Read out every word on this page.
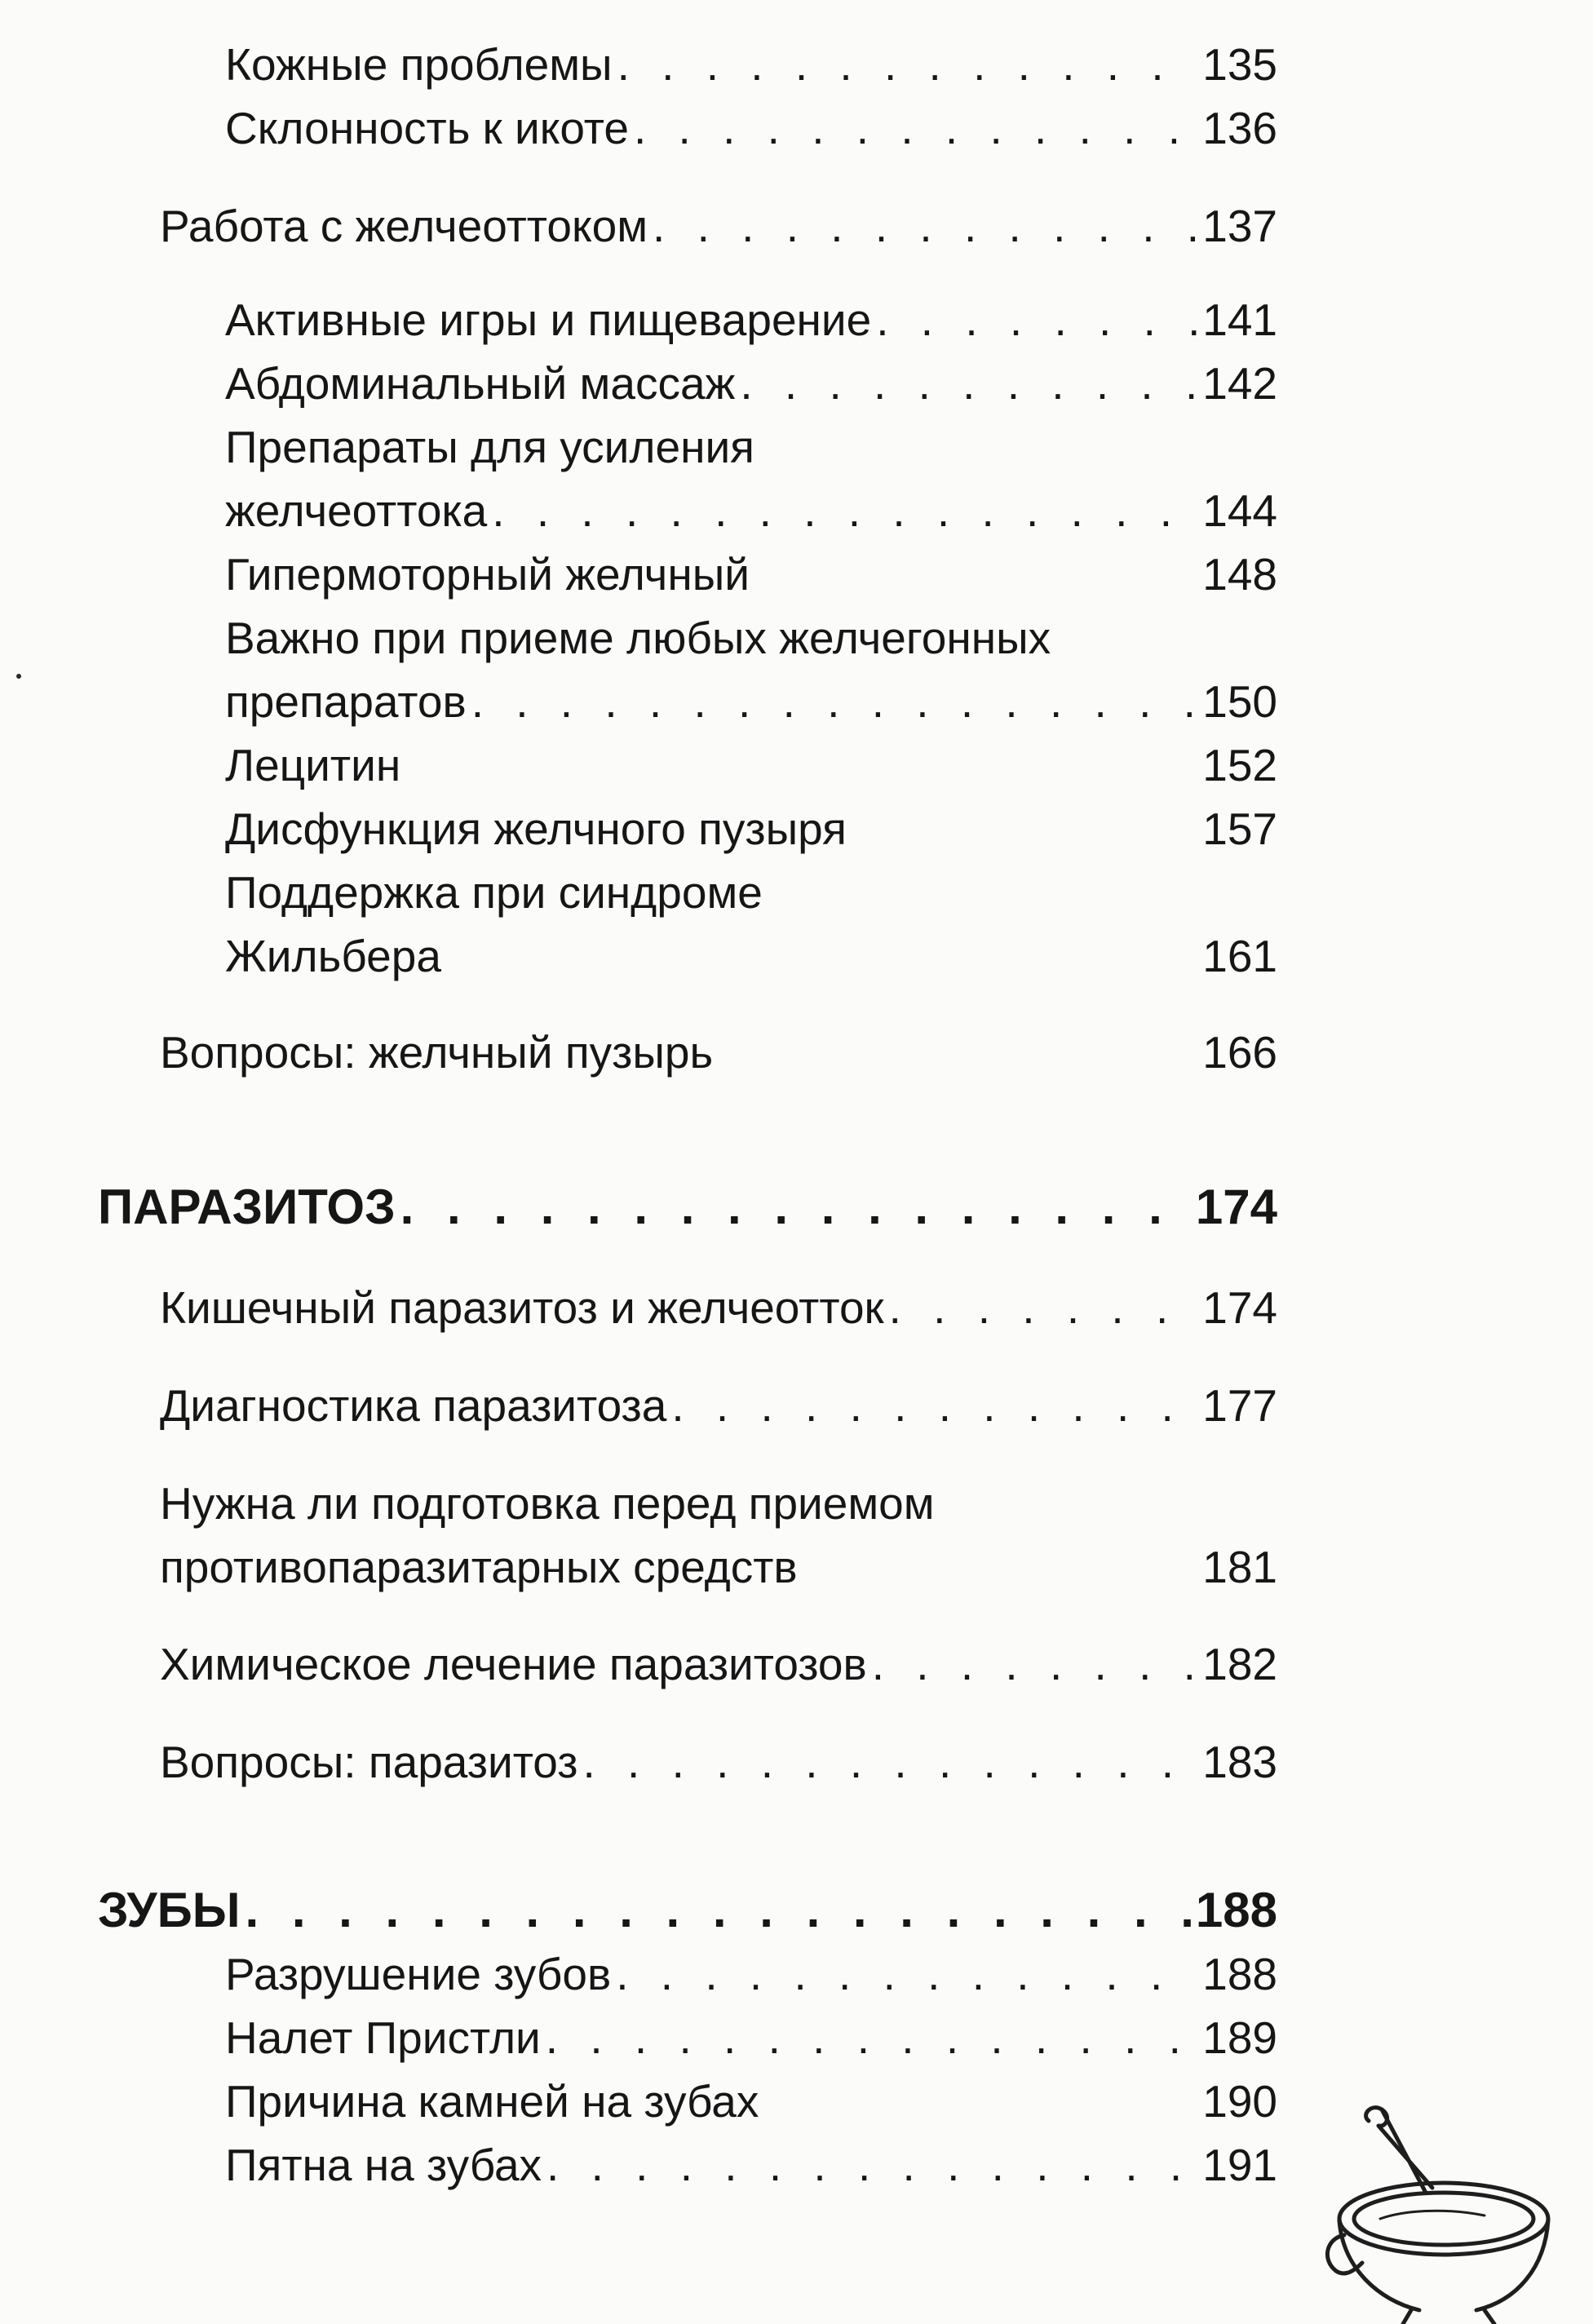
Кожные проблемы . . .	135
Склонность к икоте . . .	136
Работа с желчеоттоком . . .	137
Активные игры и пищеварение . . .	141
Абдоминальный массаж . . .	142
Препараты для усиления
желчеоттока . . .	144
Гипермоторный желчный	148
Важно при приеме любых желчегонных
препаратов . . .	150
Лецитин	152
Дисфункция желчного пузыря	157
Поддержка при синдроме
Жильбера	161
Вопросы: желчный пузырь	166
ПАРАЗИТОЗ . . .	174
Кишечный паразитоз и желчеотток . . .	174
Диагностика паразитоза . . .	177
Нужна ли подготовка перед приемом
противопаразитарных средств	181
Химическое лечение паразитозов . . .	182
Вопросы: паразитоз . . .	183
ЗУБЫ . . .	188
Разрушение зубов . . .	188
Налет Пристли . . .	189
Причина камней на зубах	190
Пятна на зубах . . .	191
